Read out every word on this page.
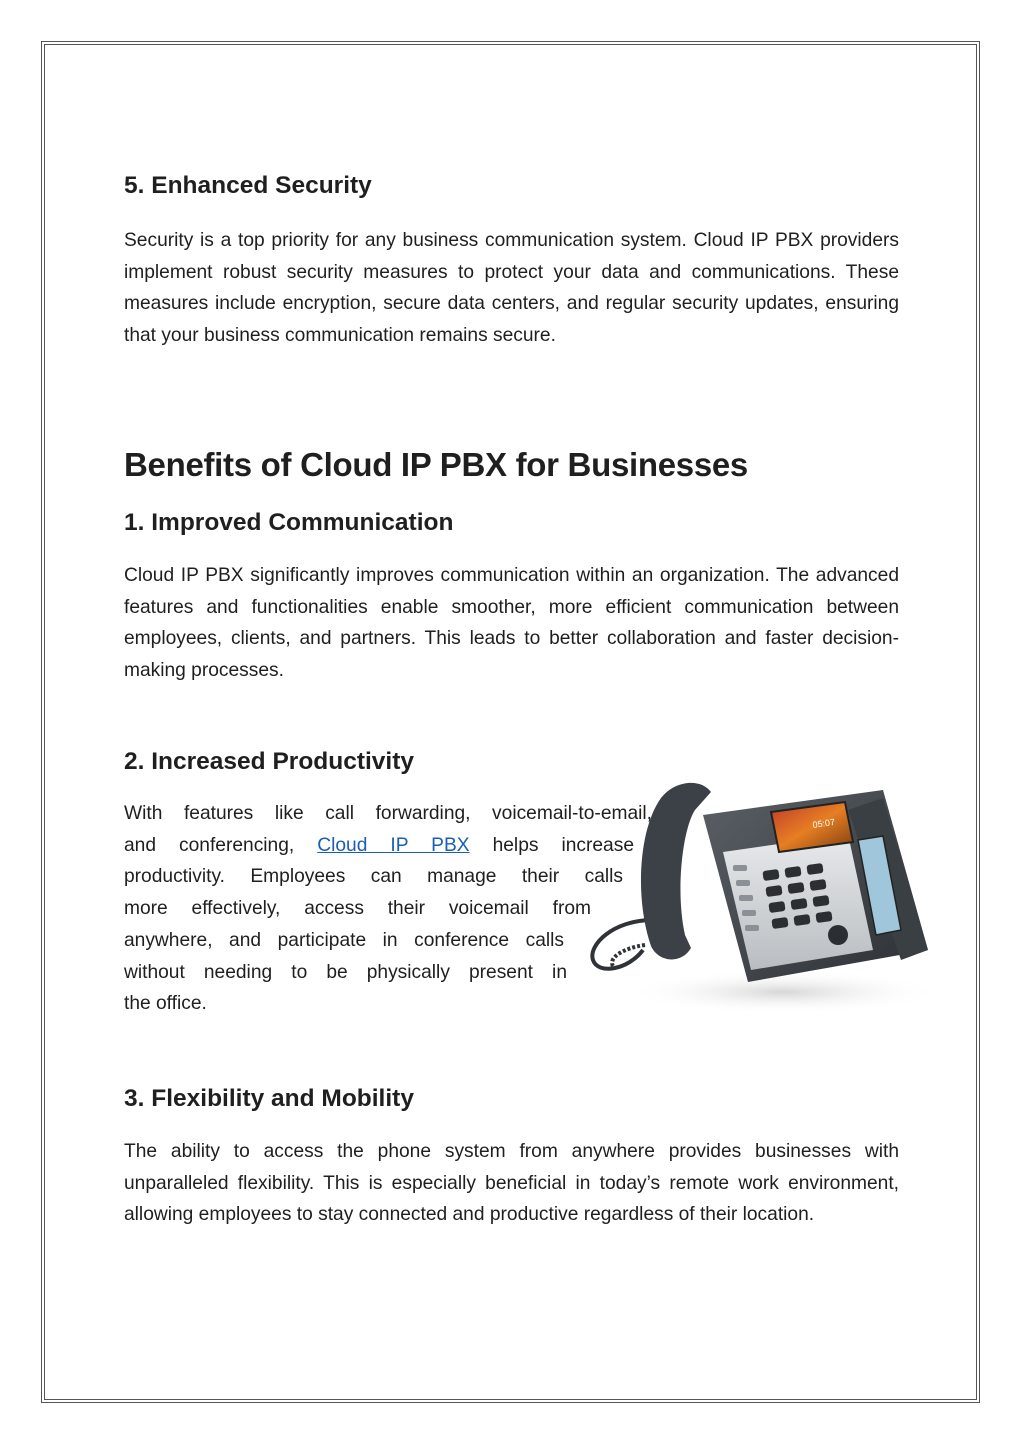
5. Enhanced Security

Security is a top priority for any business communication system. Cloud IP PBX providers implement robust security measures to protect your data and communications. These measures include encryption, secure data centers, and regular security updates, ensuring that your business communication remains secure.

Benefits of Cloud IP PBX for Businesses
1. Improved Communication

Cloud IP PBX significantly improves communication within an organization. The advanced features and functionalities enable smoother, more efficient communication between employees, clients, and partners. This leads to better collaboration and faster decision-making processes.

2. Increased Productivity
With features like call forwarding, voicemail-to-email,
and conferencing, Cloud IP PBX helps increase
productivity. Employees can manage their calls
more effectively, access their voicemail from
anywhere, and participate in conference calls
without needing to be physically present in
the office.
3. Flexibility and Mobility

The ability to access the phone system from anywhere provides businesses with unparalleled flexibility. This is especially beneficial in today’s remote work environment, allowing employees to stay connected and productive regardless of their location.

05:07
